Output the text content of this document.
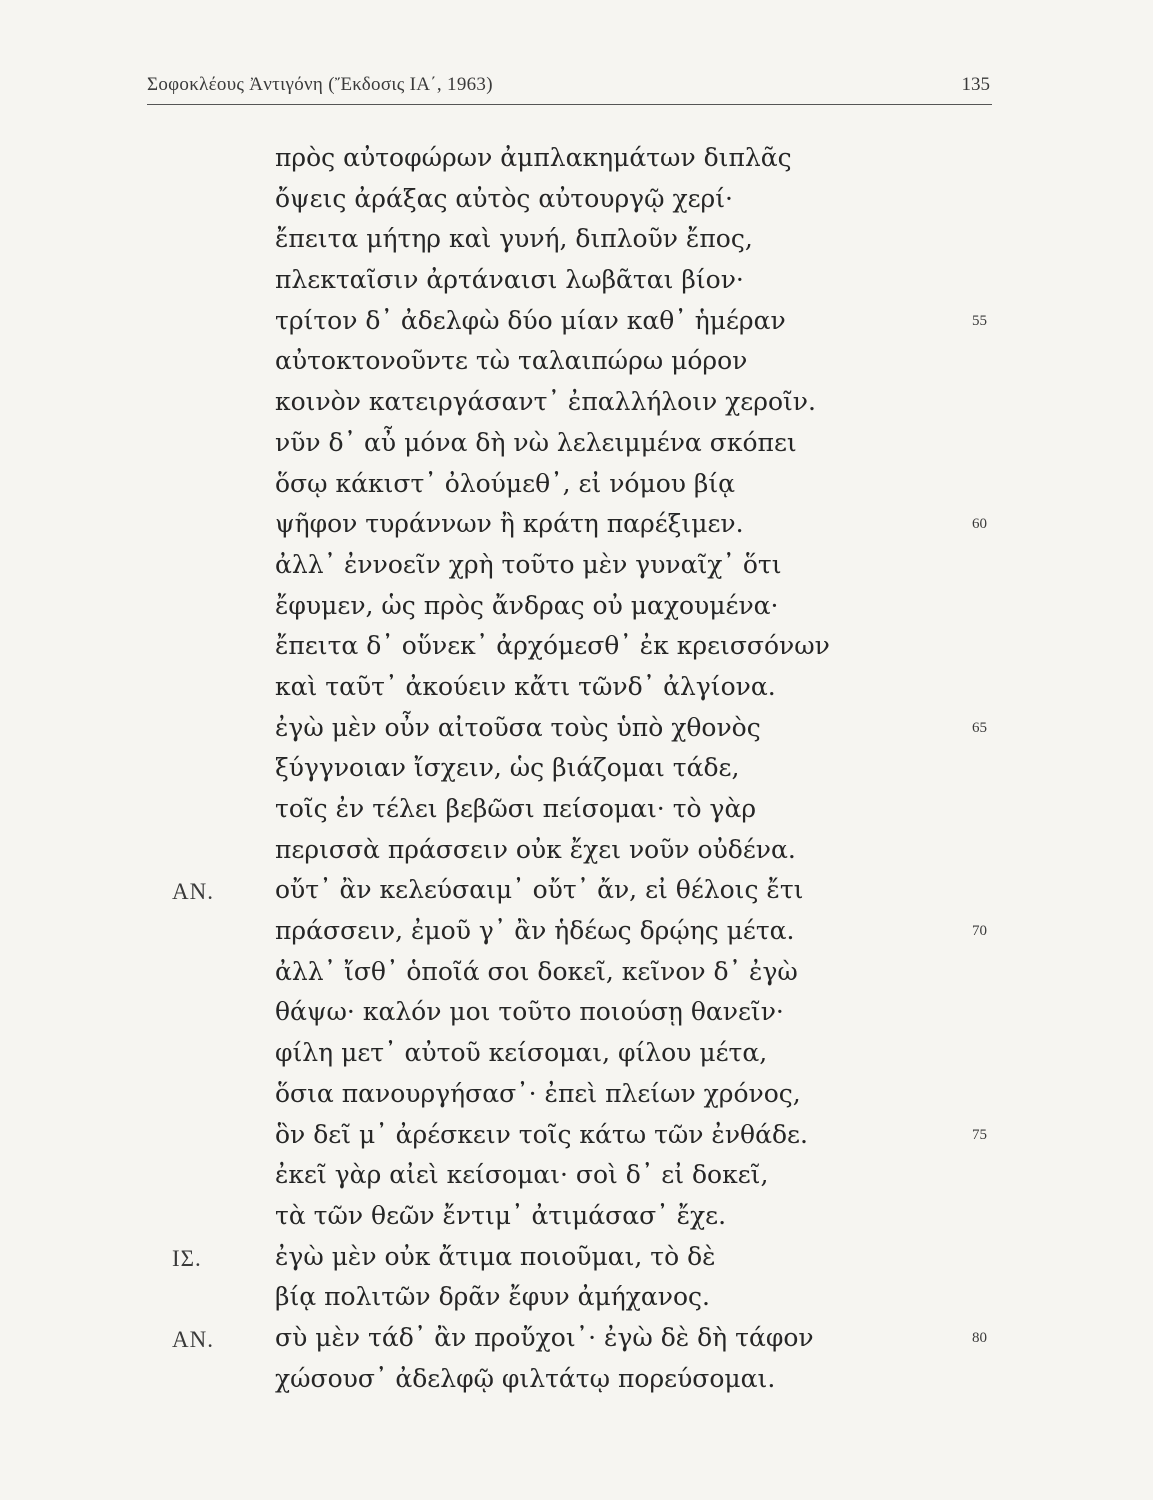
Σοφοκλέους Ἀντιγόνη (Ἔκδοσις ΙΑ΄, 1963)	135
πρὸς αὐτοφώρων ἀμπλακημάτων διπλᾶς
ὄψεις ἀράξας αὐτὸς αὐτουργῷ χερί·
ἔπειτα μήτηρ καὶ γυνή, διπλοῦν ἔπος,
πλεκταῖσιν ἀρτάναισι λωβᾶται βίον·
τρίτον δ᾽ ἀδελφὼ δύο μίαν καθ᾽ ἡμέραν	55
αὐτοκτονοῦντε τὼ ταλαιπώρω μόρον
κοινὸν κατειργάσαντ᾽ ἐπαλλήλοιν χεροῖν.
νῦν δ᾽ αὖ μόνα δὴ νὼ λελειμμένα σκόπει
ὅσῳ κάκιστ᾽ ὀλούμεθ᾽, εἰ νόμου βίᾳ
ψῆφον τυράννων ἢ κράτη παρέξιμεν.	60
ἀλλ᾽ ἐννοεῖν χρὴ τοῦτο μὲν γυναῖχ᾽ ὅτι
ἔφυμεν, ὡς πρὸς ἄνδρας οὐ μαχουμένα·
ἔπειτα δ᾽ οὕνεκ᾽ ἀρχόμεσθ᾽ ἐκ κρεισσόνων
καὶ ταῦτ᾽ ἀκούειν κἄτι τῶνδ᾽ ἀλγίονα.
ἐγὼ μὲν οὖν αἰτοῦσα τοὺς ὑπὸ χθονὸς	65
ξύγγνοιαν ἴσχειν, ὡς βιάζομαι τάδε,
τοῖς ἐν τέλει βεβῶσι πείσομαι· τὸ γὰρ
περισσὰ πράσσειν οὐκ ἔχει νοῦν οὐδένα.
ΑΝ. οὔτ᾽ ἂν κελεύσαιμ᾽ οὔτ᾽ ἄν, εἰ θέλοις ἔτι
πράσσειν, ἐμοῦ γ᾽ ἂν ἡδέως δρῴης μέτα.	70
ἀλλ᾽ ἴσθ᾽ ὁποῖά σοι δοκεῖ, κεῖνον δ᾽ ἐγὼ
θάψω· καλόν μοι τοῦτο ποιούσῃ θανεῖν·
φίλη μετ᾽ αὐτοῦ κείσομαι, φίλου μέτα,
ὅσια πανουργήσασ᾽· ἐπεὶ πλείων χρόνος,
ὃν δεῖ μ᾽ ἀρέσκειν τοῖς κάτω τῶν ἐνθάδε.	75
ἐκεῖ γὰρ αἰεὶ κείσομαι· σοὶ δ᾽ εἰ δοκεῖ,
τὰ τῶν θεῶν ἔντιμ᾽ ἀτιμάσασ᾽ ἔχε.
ΙΣ.	ἐγὼ μὲν οὐκ ἄτιμα ποιοῦμαι, τὸ δὲ
βίᾳ πολιτῶν δρᾶν ἔφυν ἀμήχανος.
ΑΝ. σὺ μὲν τάδ᾽ ἂν προὔχοι᾽· ἐγὼ δὲ δὴ τάφον	80
χώσουσ᾽ ἀδελφῷ φιλτάτῳ πορεύσομαι.
